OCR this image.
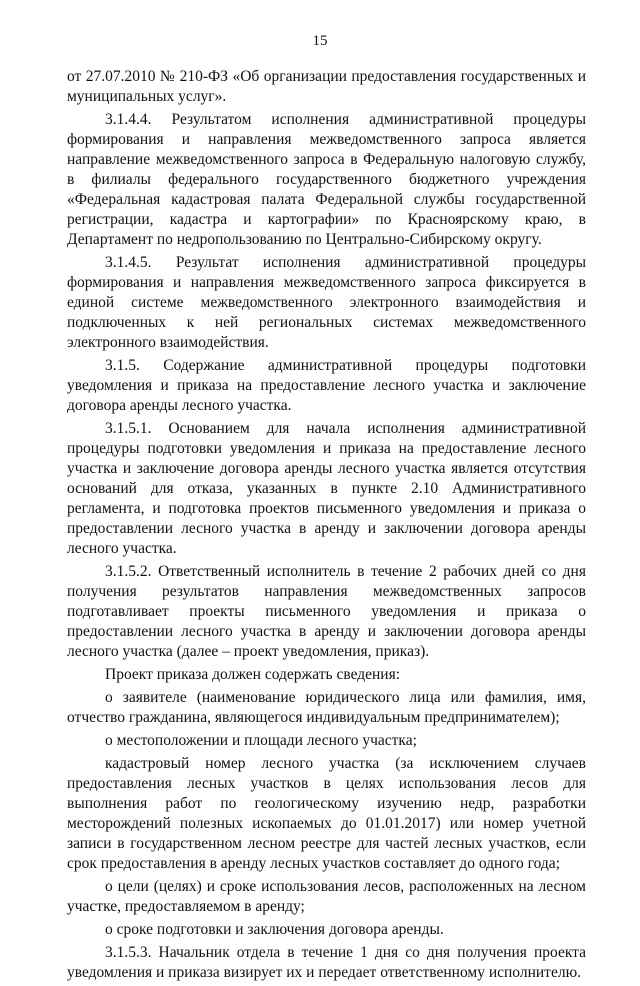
15

от 27.07.2010 № 210-ФЗ «Об организации предоставления государственных и муниципальных услуг».

3.1.4.4. Результатом исполнения административной процедуры формирования и направления межведомственного запроса является направление межведомственного запроса в Федеральную налоговую службу, в филиалы федерального государственного бюджетного учреждения «Федеральная кадастровая палата Федеральной службы государственной регистрации, кадастра и картографии» по Красноярскому краю, в Департамент по недропользованию по Центрально-Сибирскому округу.

3.1.4.5. Результат исполнения административной процедуры формирования и направления межведомственного запроса фиксируется в единой системе межведомственного электронного взаимодействия и подключенных к ней региональных системах межведомственного электронного взаимодействия.

3.1.5. Содержание административной процедуры подготовки уведомления и приказа на предоставление лесного участка и заключение договора аренды лесного участка.

3.1.5.1. Основанием для начала исполнения административной процедуры подготовки уведомления и приказа на предоставление лесного участка и заключение договора аренды лесного участка является отсутствия оснований для отказа, указанных в пункте 2.10 Административного регламента, и подготовка проектов письменного уведомления и приказа о предоставлении лесного участка в аренду и заключении договора аренды лесного участка.

3.1.5.2. Ответственный исполнитель в течение 2 рабочих дней со дня получения результатов направления межведомственных запросов подготавливает проекты письменного уведомления и приказа о предоставлении лесного участка в аренду и заключении договора аренды лесного участка (далее – проект уведомления, приказ).

Проект приказа должен содержать сведения:

о заявителе (наименование юридического лица или фамилия, имя, отчество гражданина, являющегося индивидуальным предпринимателем);

о местоположении и площади лесного участка;

кадастровый номер лесного участка (за исключением случаев предоставления лесных участков в целях использования лесов для выполнения работ по геологическому изучению недр, разработки месторождений полезных ископаемых до 01.01.2017) или номер учетной записи в государственном лесном реестре для частей лесных участков, если срок предоставления в аренду лесных участков составляет до одного года;

о цели (целях) и сроке использования лесов, расположенных на лесном участке, предоставляемом в аренду;

о сроке подготовки и заключения договора аренды.

3.1.5.3. Начальник отдела в течение 1 дня со дня получения проекта уведомления и приказа визирует их и передает ответственному исполнителю.
